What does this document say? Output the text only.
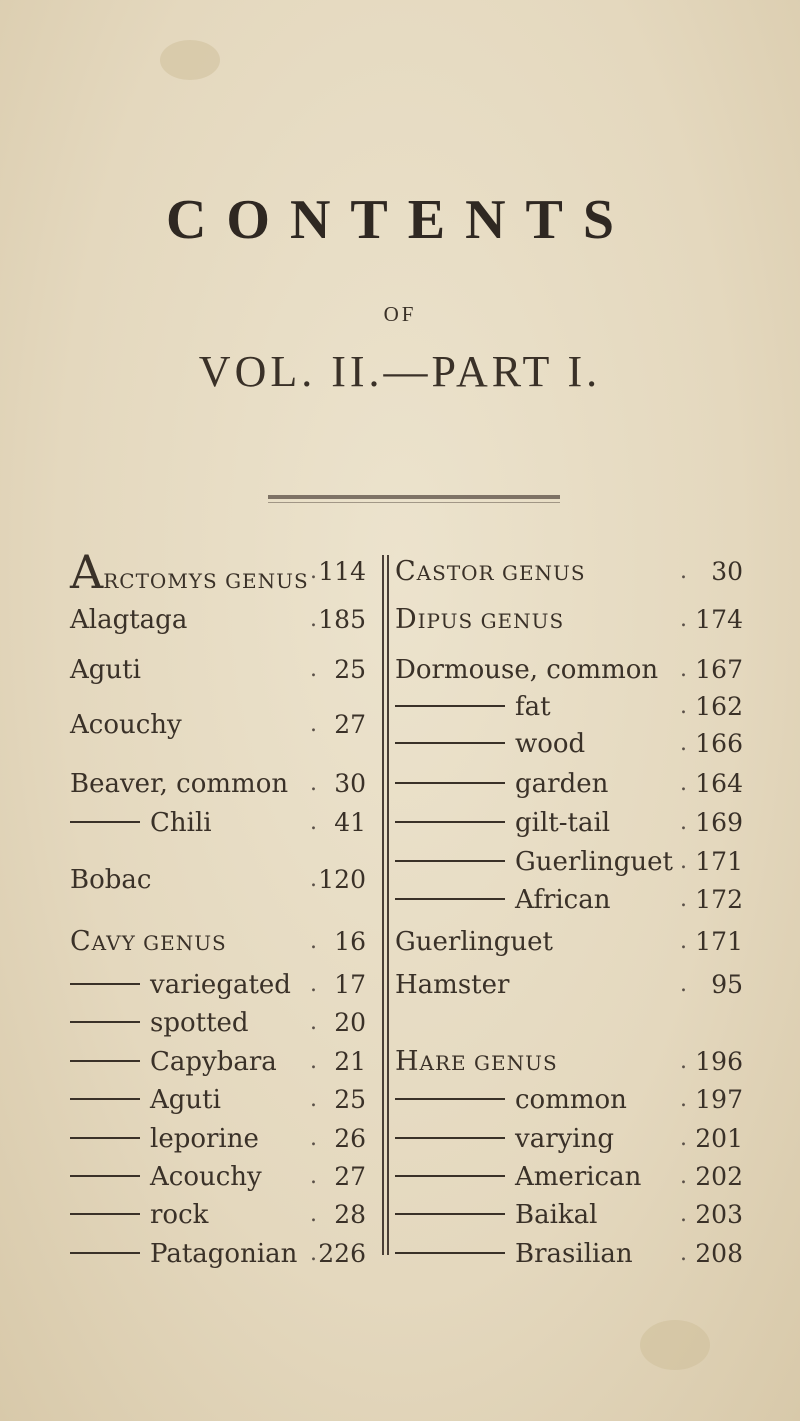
CONTENTS
OF
VOL. II.—PART I.
ARCTOMYS GENUS . 114
Alagtaga	. 185
Aguti	. 25
Acouchy	. 27
Beaver, common . 30
Chili	. 41
Bobac	. 120
CAVY GENUS	. 16
variegated . 17
spotted	. 20
Capybara . 21
Aguti	. 25
leporine . 26
Acouchy . 27
rock	. 28
Patagonian . 226
CASTOR GENUS	. 30
DIPUS GENUS	. 174
Dormouse, common . 167
fat	. 162
wood	. 166
garden	. 164
gilt-tail	. 169
Guerlinguet . 171
African	. 172
Guerlinguet	. 171
Hamster	. 95
HARE GENUS	. 196
common . 197
varying	. 201
American . 202
Baikal	. 203
Brasilian . 208
